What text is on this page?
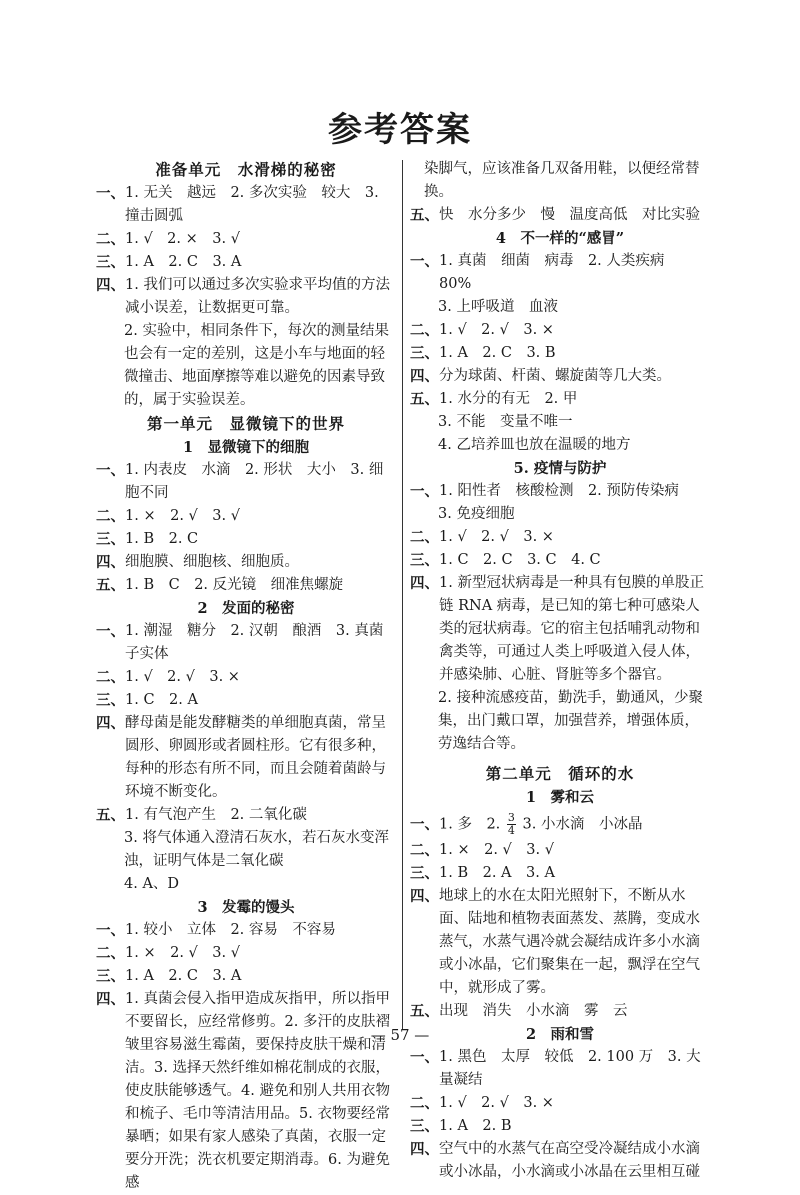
参考答案
准备单元　水滑梯的秘密
一、 1. 无关　越远　2. 多次实验　较大　3. 撞击圆弧
二、 1. √　2. ×　3. √
三、 1. A　2. C　3. A
四、 1. 我们可以通过多次实验求平均值的方法减小误差，让数据更可靠。
2. 实验中，相同条件下，每次的测量结果也会有一定的差别，这是小车与地面的轻微撞击、地面摩擦等难以避免的因素导致的，属于实验误差。
第一单元　显微镜下的世界
1　显微镜下的细胞
一、 1. 内表皮　水滴　2. 形状　大小　3. 细胞不同
二、 1. ×　2. √　3. √
三、 1. B　2. C
四、 细胞膜、细胞核、细胞质。
五、 1. B　C　2. 反光镜　细准焦螺旋
2　发面的秘密
一、 1. 潮湿　糖分　2. 汉朝　酿酒　3. 真菌子实体
二、 1. √　2. √　3. ×
三、 1. C　2. A
四、 酵母菌是能发酵糖类的单细胞真菌，常呈圆形、卵圆形或者圆柱形。它有很多种，每种的形态有所不同，而且会随着菌龄与环境不断变化。
五、 1. 有气泡产生　2. 二氧化碳
3. 将气体通入澄清石灰水，若石灰水变浑浊，证明气体是二氧化碳
4. A、D
3　发霉的馒头
一、 1. 较小　立体　2. 容易　不容易
二、 1. ×　2. √　3. √
三、 1. A　2. C　3. A
四、 1. 真菌会侵入指甲造成灰指甲，所以指甲不要留长，应经常修剪。2. 多汗的皮肤褶皱里容易滋生霉菌，要保持皮肤干燥和清洁。3. 选择天然纤维如棉花制成的衣服，使皮肤能够透气。4. 避免和别人共用衣物和梳子、毛巾等清洁用品。5. 衣物要经常暴晒；如果有家人感染了真菌，衣服一定要分开洗；洗衣机要定期消毒。6. 为避免感
染脚气，应该准备几双备用鞋，以便经常替换。
五、 快　水分多少　慢　温度高低　对比实验
4　不一样的“感冒”
一、 1. 真菌　细菌　病毒　2. 人类疾病　80%
3. 上呼吸道　血液
二、 1. √　2. √　3. ×
三、 1. A　2. C　3. B
四、 分为球菌、杆菌、螺旋菌等几大类。
五、 1. 水分的有无　2. 甲
3. 不能　变量不唯一
4. 乙培养皿也放在温暖的地方
5. 疫情与防护
一、 1. 阳性者　核酸检测　2. 预防传染病
3. 免疫细胞
二、 1. √　2. √　3. ×
三、 1. C　2. C　3. C　4. C
四、 1. 新型冠状病毒是一种具有包膜的单股正链 RNA 病毒，是已知的第七种可感染人类的冠状病毒。它的宿主包括哺乳动物和禽类等，可通过人类上呼吸道入侵人体，并感染肺、心脏、肾脏等多个器官。
2. 接种流感疫苗，勤洗手，勤通风，少聚集，出门戴口罩，加强营养，增强体质，劳逸结合等。
第二单元　循环的水
1　雾和云
一、 1. 多　2. $\frac{3}{4} 3$. 小水滴　小冰晶
二、 1. ×　2. √　3. √
三、 1. B　2. A　3. A
四、 地球上的水在太阳光照射下，不断从水面、陆地和植物表面蒸发、蒸腾，变成水蒸气，水蒸气遇冷就会凝结成许多小水滴或小冰晶，它们聚集在一起，飘浮在空气中，就形成了雾。
五、 出现　消失　小水滴　雾　云
2　雨和雪
一、 1. 黑色　太厚　较低　2. 100 万　3. 大量凝结
二、 1. √　2. √　3. ×
三、 1. A　2. B
四、 空气中的水蒸气在高空受冷凝结成小水滴或小冰晶，小水滴或小冰晶在云里相互碰
— 57 —
